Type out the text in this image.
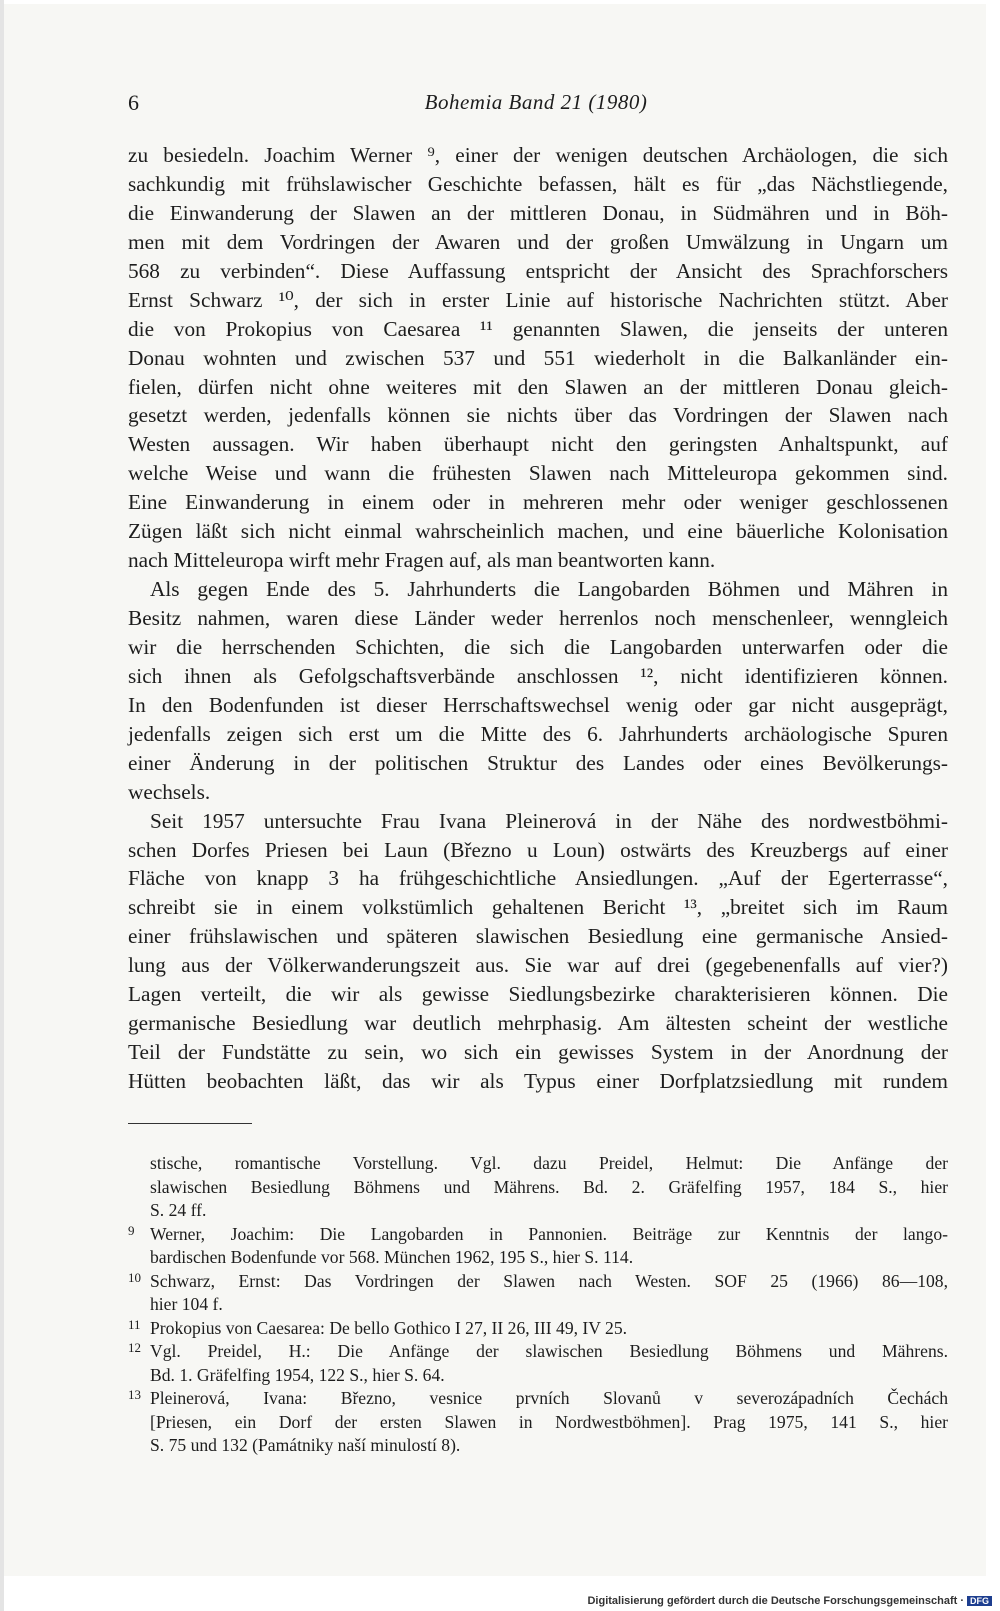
6	Bohemia Band 21 (1980)
zu besiedeln. Joachim Werner ⁹, einer der wenigen deutschen Archäologen, die sich
sachkundig mit frühslawischer Geschichte befassen, hält es für „das Nächstliegende,
die Einwanderung der Slawen an der mittleren Donau, in Südmähren und in Böh-
men mit dem Vordringen der Awaren und der großen Umwälzung in Ungarn um
568 zu verbinden“. Diese Auffassung entspricht der Ansicht des Sprachforschers
Ernst Schwarz ¹⁰, der sich in erster Linie auf historische Nachrichten stützt. Aber
die von Prokopius von Caesarea ¹¹ genannten Slawen, die jenseits der unteren
Donau wohnten und zwischen 537 und 551 wiederholt in die Balkanländer ein-
fielen, dürfen nicht ohne weiteres mit den Slawen an der mittleren Donau gleich-
gesetzt werden, jedenfalls können sie nichts über das Vordringen der Slawen nach
Westen aussagen. Wir haben überhaupt nicht den geringsten Anhaltspunkt, auf
welche Weise und wann die frühesten Slawen nach Mitteleuropa gekommen sind.
Eine Einwanderung in einem oder in mehreren mehr oder weniger geschlossenen
Zügen läßt sich nicht einmal wahrscheinlich machen, und eine bäuerliche Kolonisation
nach Mitteleuropa wirft mehr Fragen auf, als man beantworten kann.
Als gegen Ende des 5. Jahrhunderts die Langobarden Böhmen und Mähren in
Besitz nahmen, waren diese Länder weder herrenlos noch menschenleer, wenngleich
wir die herrschenden Schichten, die sich die Langobarden unterwarfen oder die
sich ihnen als Gefolgschaftsverbände anschlossen ¹², nicht identifizieren können.
In den Bodenfunden ist dieser Herrschaftswechsel wenig oder gar nicht ausgeprägt,
jedenfalls zeigen sich erst um die Mitte des 6. Jahrhunderts archäologische Spuren
einer Änderung in der politischen Struktur des Landes oder eines Bevölkerungs-
wechsels.
Seit 1957 untersuchte Frau Ivana Pleinerová in der Nähe des nordwestböhmi-
schen Dorfes Priesen bei Laun (Březno u Loun) ostwärts des Kreuzbergs auf einer
Fläche von knapp 3 ha frühgeschichtliche Ansiedlungen. „Auf der Egerterrasse“,
schreibt sie in einem volkstümlich gehaltenen Bericht ¹³, „breitet sich im Raum
einer frühslawischen und späteren slawischen Besiedlung eine germanische Ansied-
lung aus der Völkerwanderungszeit aus. Sie war auf drei (gegebenenfalls auf vier?)
Lagen verteilt, die wir als gewisse Siedlungsbezirke charakterisieren können. Die
germanische Besiedlung war deutlich mehrphasig. Am ältesten scheint der westliche
Teil der Fundstätte zu sein, wo sich ein gewisses System in der Anordnung der
Hütten beobachten läßt, das wir als Typus einer Dorfplatzsiedlung mit rundem
stische, romantische Vorstellung. Vgl. dazu Preidel, Helmut: Die Anfänge der
slawischen Besiedlung Böhmens und Mährens. Bd. 2. Gräfelfing 1957, 184 S., hier
S. 24 ff.
9 Werner, Joachim: Die Langobarden in Pannonien. Beiträge zur Kenntnis der lango-
bardischen Bodenfunde vor 568. München 1962, 195 S., hier S. 114.
10 Schwarz, Ernst: Das Vordringen der Slawen nach Westen. SOF 25 (1966) 86—108,
hier 104 f.
11 Prokopius von Caesarea: De bello Gothico I 27, II 26, III 49, IV 25.
12 Vgl. Preidel, H.: Die Anfänge der slawischen Besiedlung Böhmens und Mährens.
Bd. 1. Gräfelfing 1954, 122 S., hier S. 64.
13 Pleinerová, Ivana: Březno, vesnice prvních Slovanů v severozápadních Čechách
[Priesen, ein Dorf der ersten Slawen in Nordwestböhmen]. Prag 1975, 141 S., hier
S. 75 und 132 (Památniky naší minulostí 8).
Digitalisierung gefördert durch die Deutsche Forschungsgemeinschaft · DFG
